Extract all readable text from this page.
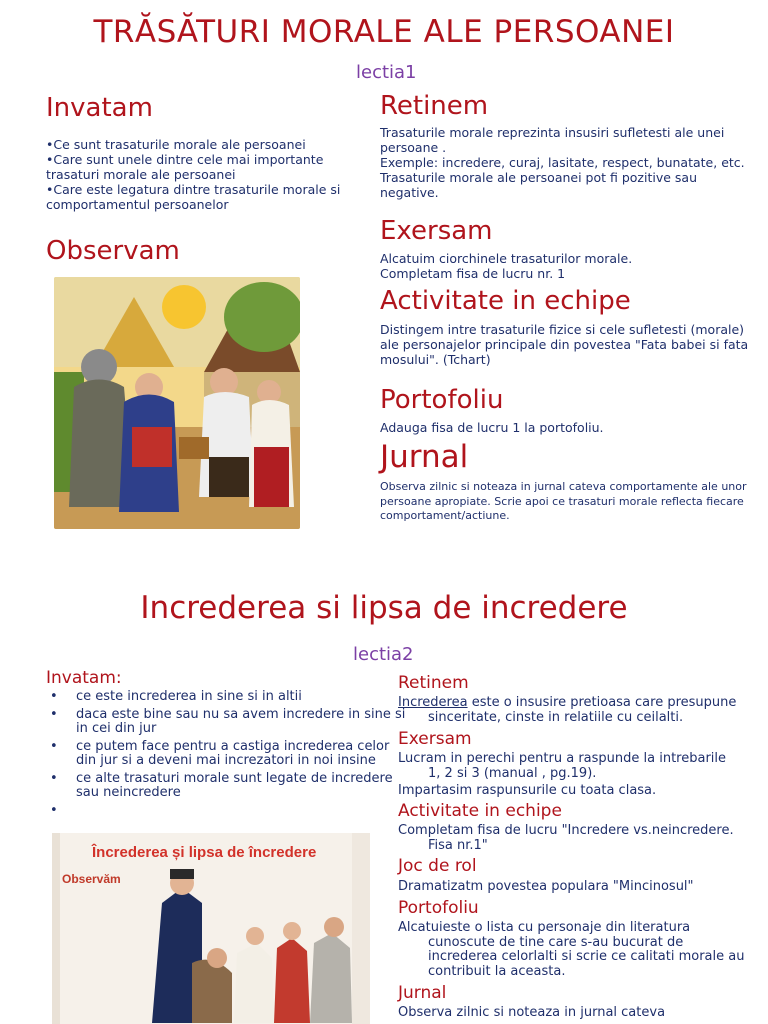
TRĂSĂTURI MORALE ALE PERSOANEI
lectia1
Invatam
•Ce sunt trasaturile morale ale persoanei
•Care sunt unele dintre cele mai importante
trasaturi morale ale persoanei
•Care este legatura dintre trasaturile morale si
comportamentul persoanelor
Observam
Retinem
Trasaturile morale reprezinta insusiri sufletesti ale unei
persoane .
Exemple: incredere, curaj, lasitate, respect, bunatate, etc.
Trasaturile morale ale persoanei pot fi pozitive sau
negative.
Exersam
Alcatuim ciorchinele trasaturilor morale.
Completam fisa de lucru nr. 1
Activitate in echipe
Distingem intre trasaturile fizice si cele sufletesti (morale)
ale personajelor principale din povestea "Fata babei si fata
mosului". (Tchart)
Portofoliu
Adauga fisa de lucru 1 la portofoliu.
Jurnal
Observa zilnic si noteaza in jurnal cateva comportamente ale unor
persoane apropiate. Scrie apoi ce trasaturi morale reflecta fiecare
comportament/actiune.
Increderea si lipsa de incredere
lectia2
Invatam:
• ce este increderea in sine si in altii
• daca este bine sau nu sa avem incredere in sine si in cei din jur
• ce putem face pentru a castiga increderea celor din jur si a deveni mai increzatori in noi insine
• ce alte trasaturi morale sunt legate de incredere sau neincredere
•
Încrederea și lipsa de încredere
Observăm
Retinem
Increderea este o insusire pretioasa care presupune
sinceritate, cinste in relatiile cu ceilalti.
Exersam
Lucram in perechi pentru a raspunde la intrebarile
1, 2 si 3 (manual , pg.19).
Impartasim raspunsurile cu toata clasa.
Activitate in echipe
Completam fisa de lucru "Incredere vs.neincredere.
Fisa nr.1"
Joc de rol
Dramatizatm povestea populara "Mincinosul"
Portofoliu
Alcatuieste o lista cu personaje din literatura
cunoscute de tine care s-au bucurat de
increderea celorlalti si scrie ce calitati morale au
contribuit la aceasta.
Jurnal
Observa zilnic si noteaza in jurnal cateva
